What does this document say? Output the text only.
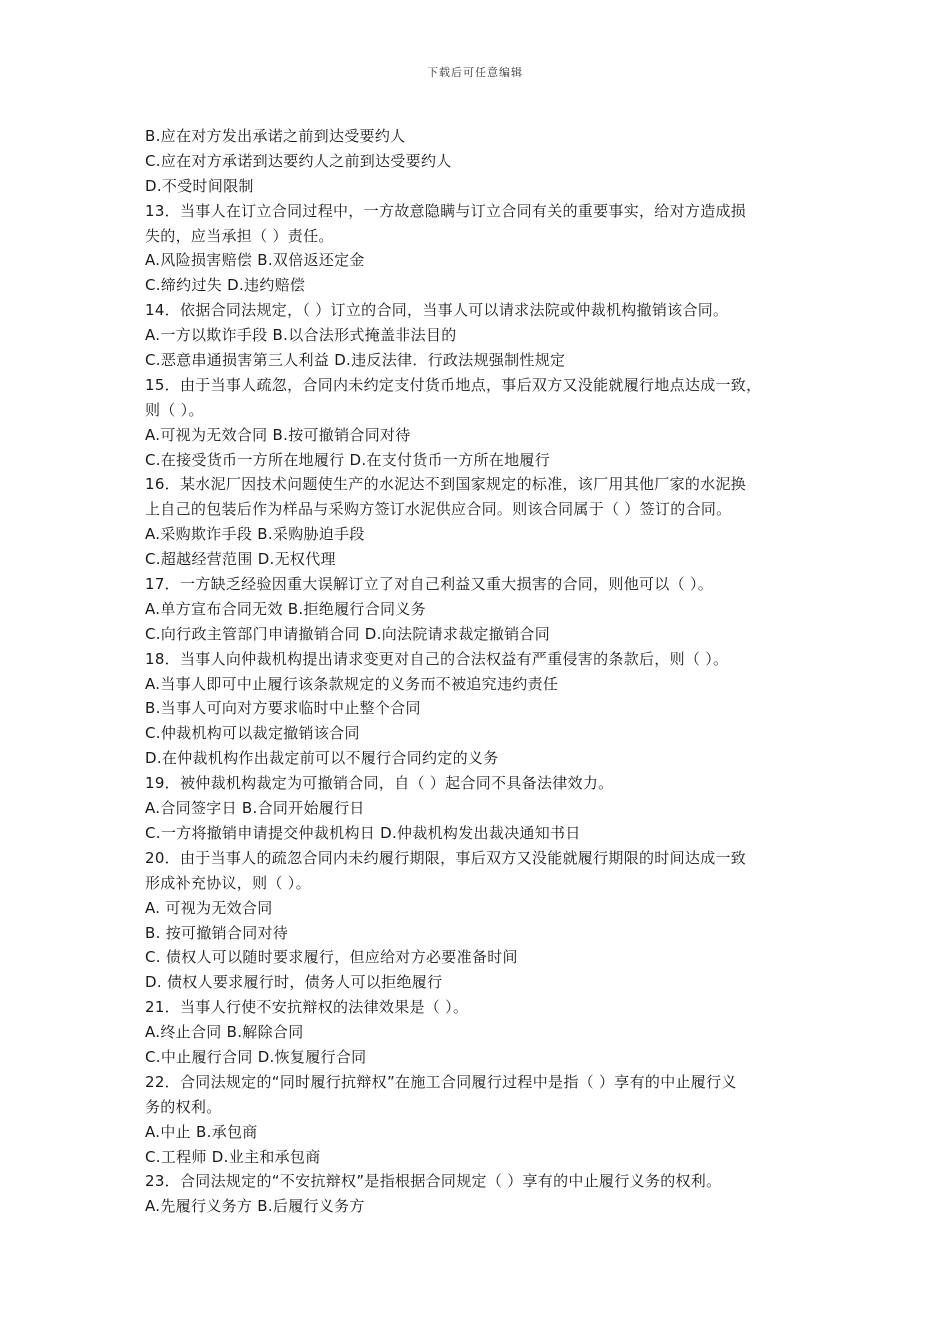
下载后可任意编辑
B.应在对方发出承诺之前到达受要约人
C.应在对方承诺到达要约人之前到达受要约人
D.不受时间限制
13．当事人在订立合同过程中，一方故意隐瞒与订立合同有关的重要事实，给对方造成损
失的，应当承担（ ）责任。
A.风险损害赔偿 B.双倍返还定金
C.缔约过失 D.违约赔偿
14．依据合同法规定，（ ）订立的合同，当事人可以请求法院或仲裁机构撤销该合同。
A.一方以欺诈手段 B.以合法形式掩盖非法目的
C.恶意串通损害第三人利益 D.违反法律．行政法规强制性规定
15．由于当事人疏忽，合同内未约定支付货币地点，事后双方又没能就履行地点达成一致，
则（ ）。
A.可视为无效合同 B.按可撤销合同对待
C.在接受货币一方所在地履行 D.在支付货币一方所在地履行
16．某水泥厂因技术问题使生产的水泥达不到国家规定的标准，该厂用其他厂家的水泥换
上自己的包装后作为样品与采购方签订水泥供应合同。则该合同属于（ ）签订的合同。
A.采购欺诈手段 B.采购胁迫手段
C.超越经营范围 D.无权代理
17．一方缺乏经验因重大误解订立了对自己利益又重大损害的合同，则他可以（ ）。
A.单方宣布合同无效 B.拒绝履行合同义务
C.向行政主管部门申请撤销合同 D.向法院请求裁定撤销合同
18．当事人向仲裁机构提出请求变更对自己的合法权益有严重侵害的条款后，则（ ）。
A.当事人即可中止履行该条款规定的义务而不被追究违约责任
B.当事人可向对方要求临时中止整个合同
C.仲裁机构可以裁定撤销该合同
D.在仲裁机构作出裁定前可以不履行合同约定的义务
19．被仲裁机构裁定为可撤销合同，自（ ）起合同不具备法律效力。
A.合同签字日 B.合同开始履行日
C.一方将撤销申请提交仲裁机构日 D.仲裁机构发出裁决通知书日
20．由于当事人的疏忽合同内未约履行期限，事后双方又没能就履行期限的时间达成一致
形成补充协议，则（ ）。
A. 可视为无效合同
B. 按可撤销合同对待
C. 债权人可以随时要求履行，但应给对方必要准备时间
D. 债权人要求履行时，债务人可以拒绝履行
21．当事人行使不安抗辩权的法律效果是（ ）。
A.终止合同 B.解除合同
C.中止履行合同 D.恢复履行合同
22．合同法规定的“同时履行抗辩权”在施工合同履行过程中是指（ ）享有的中止履行义
务的权利。
A.中止 B.承包商
C.工程师 D.业主和承包商
23．合同法规定的“不安抗辩权”是指根据合同规定（ ）享有的中止履行义务的权利。
A.先履行义务方 B.后履行义务方
